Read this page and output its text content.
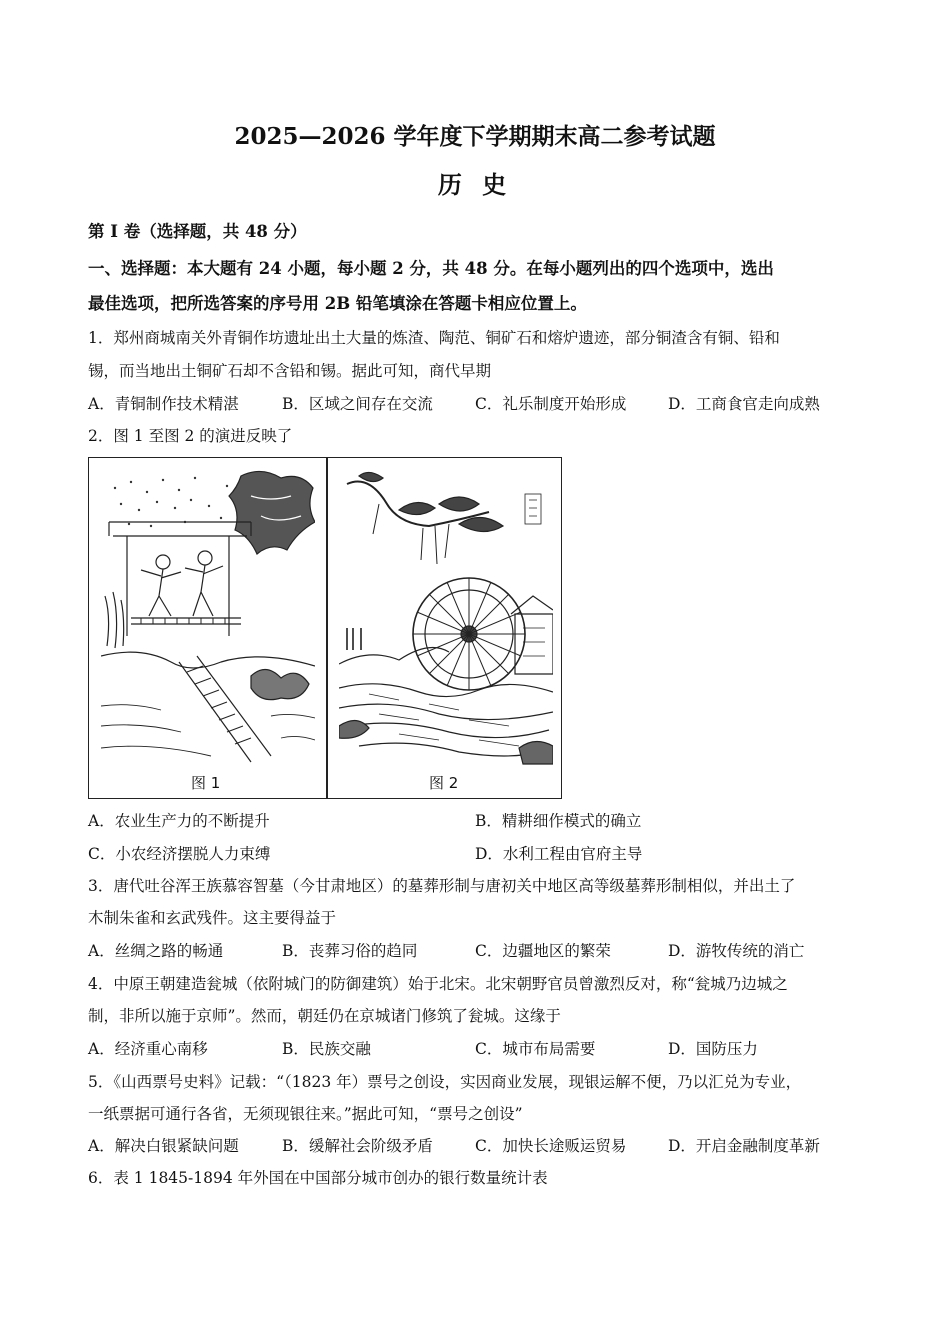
2025—2026 学年度下学期期末高二参考试题
历 史
第 I 卷（选择题，共 48 分）
一、选择题：本大题有 24 小题，每小题 2 分，共 48 分。在每小题列出的四个选项中，选出
最佳选项，把所选答案的序号用 2B 铅笔填涂在答题卡相应位置上。
1．郑州商城南关外青铜作坊遗址出土大量的炼渣、陶范、铜矿石和熔炉遗迹，部分铜渣含有铜、铅和
锡，而当地出土铜矿石却不含铅和锡。据此可知，商代早期
A．青铜制作技术精湛	B．区域之间存在交流	C．礼乐制度开始形成	D．工商食官走向成熟
2．图 1 至图 2 的演进反映了
图 1	图 2
A．农业生产力的不断提升	B．精耕细作模式的确立
C．小农经济摆脱人力束缚	D．水利工程由官府主导
3．唐代吐谷浑王族慕容智墓（今甘肃地区）的墓葬形制与唐初关中地区高等级墓葬形制相似，并出土了
木制朱雀和玄武残件。这主要得益于
A．丝绸之路的畅通	B．丧葬习俗的趋同	C．边疆地区的繁荣	D．游牧传统的消亡
4．中原王朝建造瓮城（依附城门的防御建筑）始于北宋。北宋朝野官员曾激烈反对，称“瓮城乃边城之
制，非所以施于京师”。然而，朝廷仍在京城诸门修筑了瓮城。这缘于
A．经济重心南移	B．民族交融	C．城市布局需要	D．国防压力
5．《山西票号史料》记载：“（1823 年）票号之创设，实因商业发展，现银运解不便，乃以汇兑为专业，
一纸票据可通行各省，无须现银往来。”据此可知，“票号之创设”
A．解决白银紧缺问题	B．缓解社会阶级矛盾	C．加快长途贩运贸易	D．开启金融制度革新
6．表 1 1845-1894 年外国在中国部分城市创办的银行数量统计表
